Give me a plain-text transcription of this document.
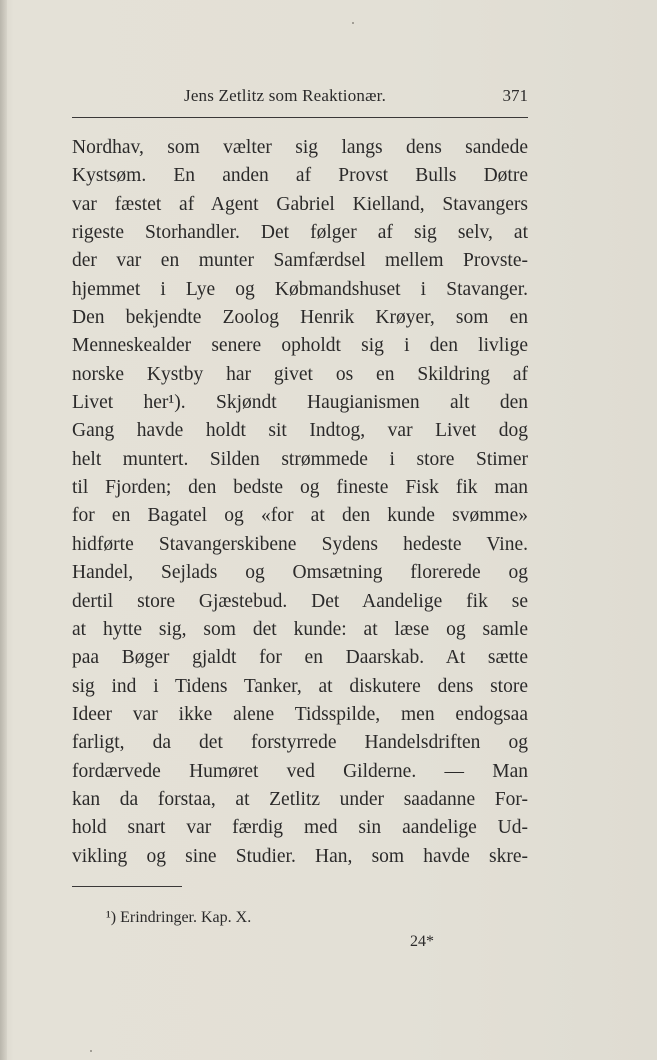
Jens Zetlitz som Reaktionær.	371
Nordhav, som vælter sig langs dens sandede
Kystsøm. En anden af Provst Bulls Døtre
var fæstet af Agent Gabriel Kielland, Stavangers
rigeste Storhandler. Det følger af sig selv, at
der var en munter Samfærdsel mellem Provste-
hjemmet i Lye og Købmandshuset i Stavanger.
Den bekjendte Zoolog Henrik Krøyer, som en
Menneskealder senere opholdt sig i den livlige
norske Kystby har givet os en Skildring af
Livet her¹). Skjøndt Haugianismen alt den
Gang havde holdt sit Indtog, var Livet dog
helt muntert. Silden strømmede i store Stimer
til Fjorden; den bedste og fineste Fisk fik man
for en Bagatel og «for at den kunde svømme»
hidførte Stavangerskibene Sydens hedeste Vine.
Handel, Sejlads og Omsætning florerede og
dertil store Gjæstebud. Det Aandelige fik se
at hytte sig, som det kunde: at læse og samle
paa Bøger gjaldt for en Daarskab. At sætte
sig ind i Tidens Tanker, at diskutere dens store
Ideer var ikke alene Tidsspilde, men endogsaa
farligt, da det forstyrrede Handelsdriften og
fordærvede Humøret ved Gilderne. — Man
kan da forstaa, at Zetlitz under saadanne For-
hold snart var færdig med sin aandelige Ud-
vikling og sine Studier. Han, som havde skre-
¹) Erindringer. Kap. X.
24*
